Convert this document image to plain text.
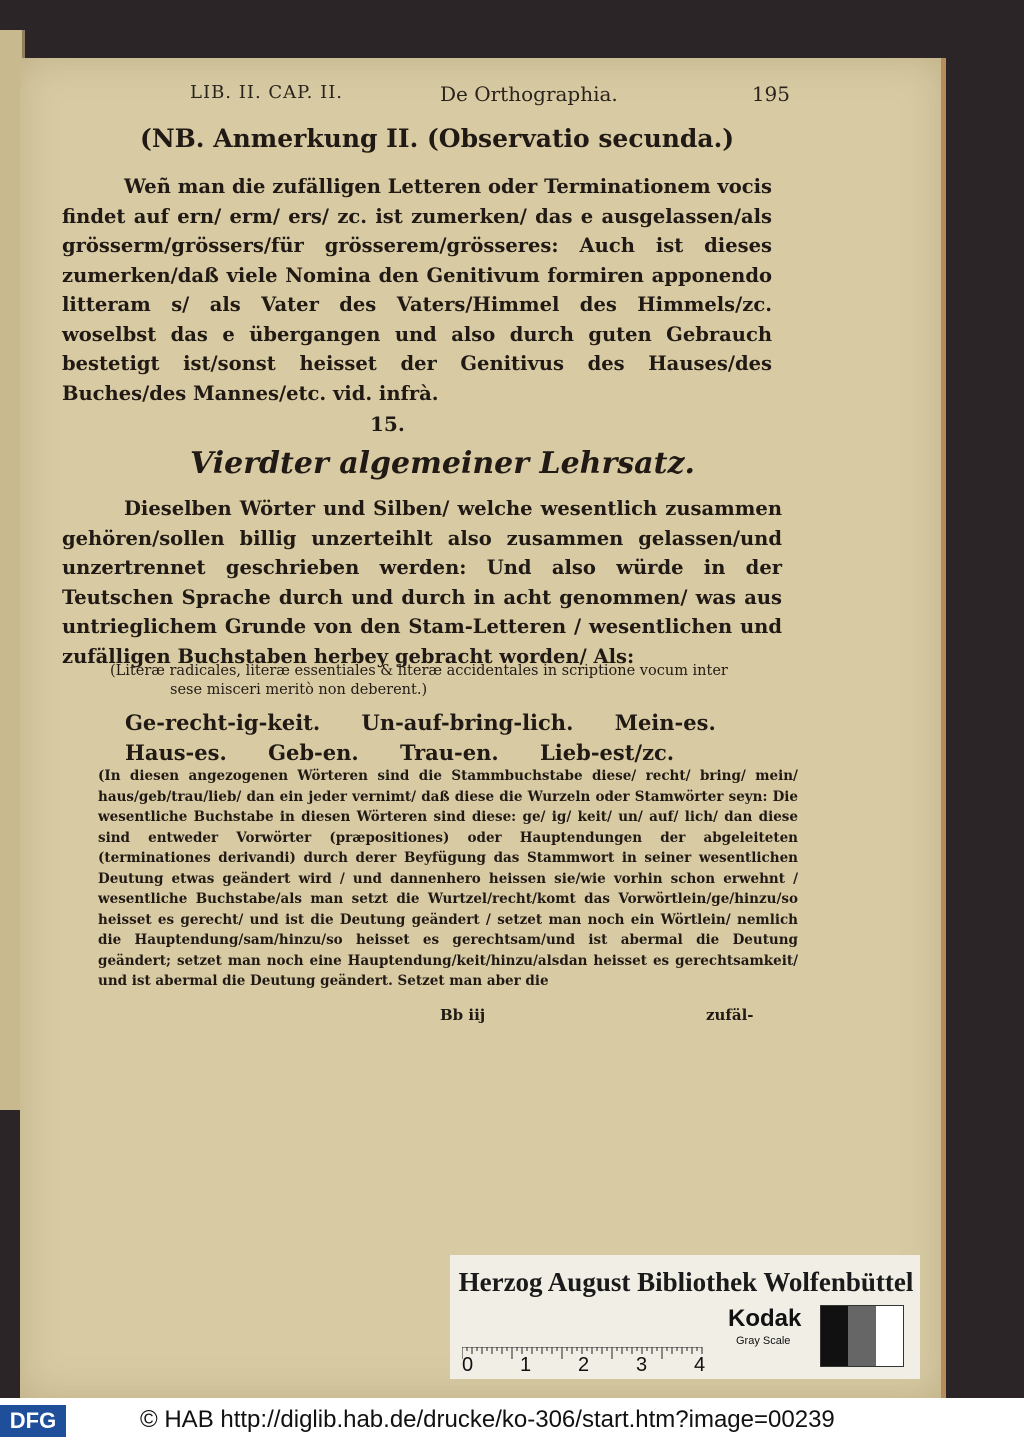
LIB. II. CAP. II.	De Orthographia.	195
(NB. Anmerkung II. (Observatio secunda.)
Weñ man die zufälligen Letteren oder Terminationem vocis findet auf ern/ erm/ ers/ zc. ist zumerken/ das e ausgelassen/als grösserm/grössers/für grösserem/grösseres: Auch ist dieses zumerken/daß viele Nomina den Genitivum formiren apponendo litteram s/ als Vater des Vaters/Himmel des Himmels/zc. woselbst das e übergangen und also durch guten Gebrauch bestetigt ist/sonst heisset der Genitivus des Hauses/des Buches/des Mannes/etc. vid. infrà.
15.
Vierdter algemeiner Lehrsatz.
Dieselben Wörter und Silben/ welche wesentlich zusammen gehören/sollen billig unzerteihlt also zusammen gelassen/und unzertrennet geschrieben werden: Und also würde in der Teutschen Sprache durch und durch in acht genommen/ was aus untrieglichem Grunde von den Stam-Letteren / wesentlichen und zufälligen Buchstaben herbey gebracht worden/ Als:
(Literæ radicales, literæ essentiales & literæ accidentales in scriptione vocum inter
sese misceri meritò non deberent.)
Ge-recht-ig-keit. Un-auf-bring-lich. Mein-es.
Haus-es. Geb-en. Trau-en. Lieb-est/zc.
(In diesen angezogenen Wörteren sind die Stammbuchstabe diese/ recht/ bring/ mein/ haus/geb/trau/lieb/ dan ein jeder vernimt/ daß diese die Wurzeln oder Stamwörter seyn: Die wesentliche Buchstabe in diesen Wörteren sind diese: ge/ ig/ keit/ un/ auf/ lich/ dan diese sind entweder Vorwörter (præpositiones) oder Hauptendungen der abgeleiteten (terminationes derivandi) durch derer Beyfügung das Stammwort in seiner wesentlichen Deutung etwas geändert wird / und dannenhero heissen sie/wie vorhin schon erwehnt / wesentliche Buchstabe/als man setzt die Wurtzel/recht/komt das Vorwörtlein/ge/hinzu/so heisset es gerecht/ und ist die Deutung geändert / setzet man noch ein Wörtlein/ nemlich die Hauptendung/sam/hinzu/so heisset es gerechtsam/und ist abermal die Deutung geändert; setzet man noch eine Hauptendung/keit/hinzu/alsdan heisset es gerechtsamkeit/ und ist abermal die Deutung geändert. Setzet man aber die
Bb iij	zufäl-
Herzog August Bibliothek Wolfenbüttel
0 1 2 3 4
Kodak
Gray Scale
DFG	© HAB http://diglib.hab.de/drucke/ko-306/start.htm?image=00239
